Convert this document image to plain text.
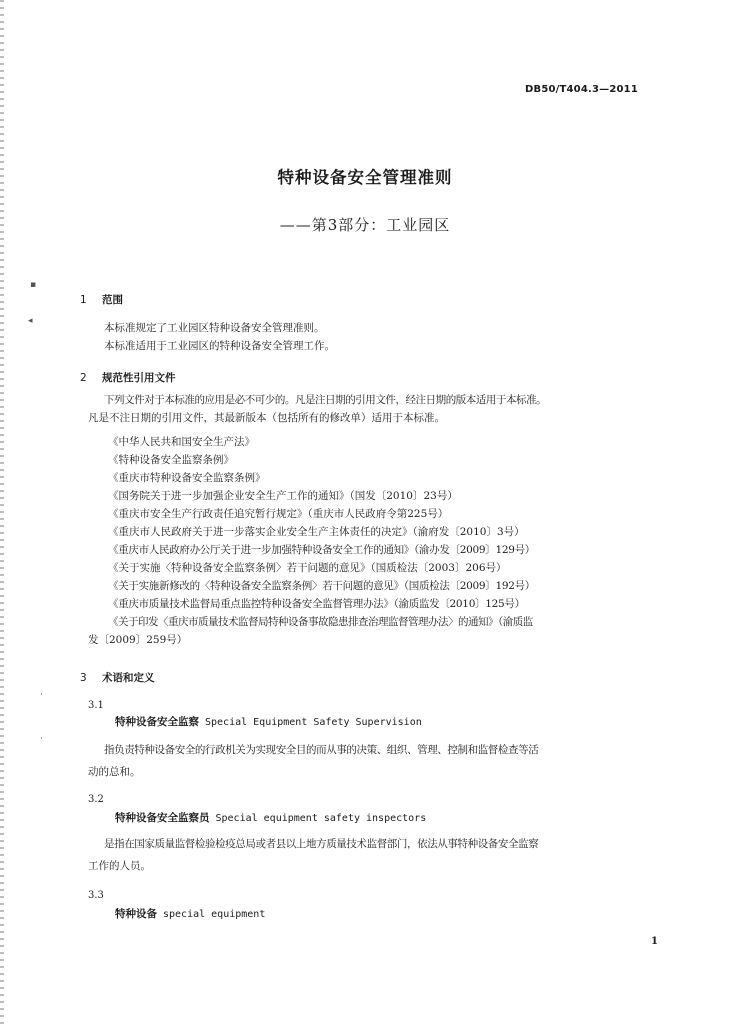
DB50/T404.3—2011
特种设备安全管理准则
——第3部分：工业园区
▪
◂
·
·
1 范围
本标准规定了工业园区特种设备安全管理准则。
本标准适用于工业园区的特种设备安全管理工作。
2 规范性引用文件
下列文件对于本标准的应用是必不可少的。凡是注日期的引用文件，经注日期的版本适用于本标准。
凡是不注日期的引用文件，其最新版本（包括所有的修改单）适用于本标准。
《中华人民共和国安全生产法》
《特种设备安全监察条例》
《重庆市特种设备安全监察条例》
《国务院关于进一步加强企业安全生产工作的通知》（国发〔2010〕23号）
《重庆市安全生产行政责任追究暂行规定》（重庆市人民政府令第225号）
《重庆市人民政府关于进一步落实企业安全生产主体责任的决定》（渝府发〔2010〕3号）
《重庆市人民政府办公厅关于进一步加强特种设备安全工作的通知》（渝办发〔2009〕129号）
《关于实施〈特种设备安全监察条例〉若干问题的意见》（国质检法〔2003〕206号）
《关于实施新修改的〈特种设备安全监察条例〉若干问题的意见》（国质检法〔2009〕192号）
《重庆市质量技术监督局重点监控特种设备安全监督管理办法》（渝质监发〔2010〕125号）
《关于印发〈重庆市质量技术监督局特种设备事故隐患排查治理监督管理办法〉的通知》（渝质监
发〔2009〕259号）
3 术语和定义
3.1
特种设备安全监察 Special Equipment Safety Supervision
指负责特种设备安全的行政机关为实现安全目的而从事的决策、组织、管理、控制和监督检查等活
动的总和。
3.2
特种设备安全监察员 Special equipment safety inspectors
是指在国家质量监督检验检疫总局或者县以上地方质量技术监督部门，依法从事特种设备安全监察
工作的人员。
3.3
特种设备 special equipment
1
